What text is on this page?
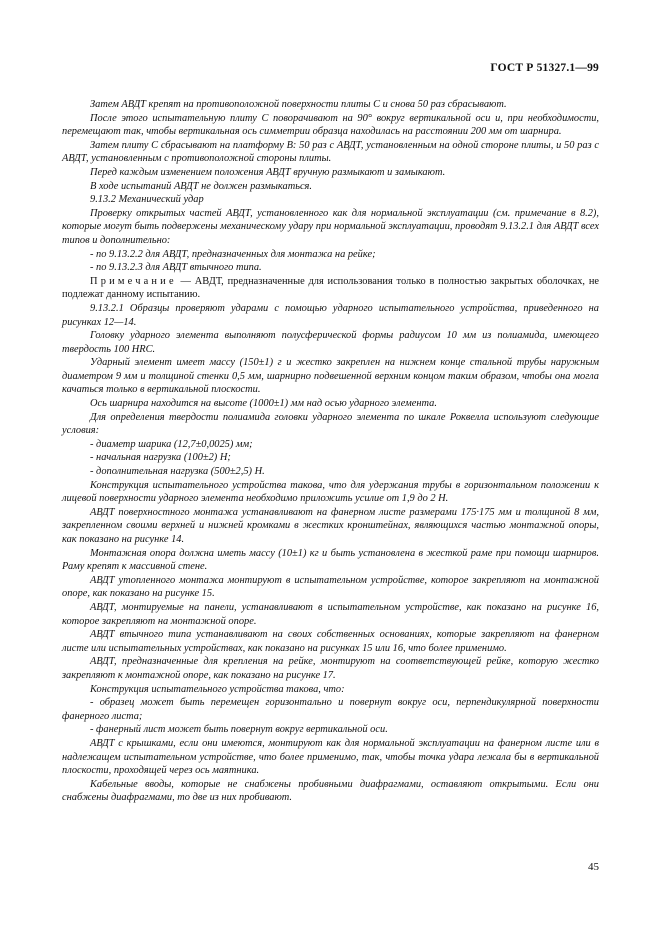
ГОСТ Р 51327.1—99

Затем АВДТ крепят на противоположной поверхности плиты С и снова 50 раз сбрасывают.

После этого испытательную плиту С поворачивают на 90° вокруг вертикальной оси и, при необходимости, перемещают так, чтобы вертикальная ось симметрии образца находилась на расстоянии 200 мм от шарнира.

Затем плиту С сбрасывают на платформу В: 50 раз с АВДТ, установленным на одной стороне плиты, и 50 раз с АВДТ, установленным с противоположной стороны плиты.

Перед каждым изменением положения АВДТ вручную размыкают и замыкают.

В ходе испытаний АВДТ не должен размыкаться.

9.13.2 Механический удар

Проверку открытых частей АВДТ, установленного как для нормальной эксплуатации (см. примечание в 8.2), которые могут быть подвержены механическому удару при нормальной эксплуатации, проводят 9.13.2.1 для АВДТ всех типов и дополнительно:

- по 9.13.2.2 для АВДТ, предназначенных для монтажа на рейке;

- по 9.13.2.3 для АВДТ втычного типа.

Примечание — АВДТ, предназначенные для использования только в полностью закрытых оболочках, не подлежат данному испытанию.

9.13.2.1 Образцы проверяют ударами с помощью ударного испытательного устройства, приведенного на рисунках 12—14.

Головку ударного элемента выполняют полусферической формы радиусом 10 мм из полиамида, имеющего твердость 100 HRC.

Ударный элемент имеет массу (150±1) г и жестко закреплен на нижнем конце стальной трубы наружным диаметром 9 мм и толщиной стенки 0,5 мм, шарнирно подвешенной верхним концом таким образом, чтобы она могла качаться только в вертикальной плоскости.

Ось шарнира находится на высоте (1000±1) мм над осью ударного элемента.

Для определения твердости полиамида головки ударного элемента по шкале Роквелла используют следующие условия:

- диаметр шарика (12,7±0,0025) мм;

- начальная нагрузка (100±2) Н;

- дополнительная нагрузка (500±2,5) Н.

Конструкция испытательного устройства такова, что для удержания трубы в горизонтальном положении к лицевой поверхности ударного элемента необходимо приложить усилие от 1,9 до 2 Н.

АВДТ поверхностного монтажа устанавливают на фанерном листе размерами 175·175 мм и толщиной 8 мм, закрепленном своими верхней и нижней кромками в жестких кронштейнах, являющихся частью монтажной опоры, как показано на рисунке 14.

Монтажная опора должна иметь массу (10±1) кг и быть установлена в жесткой раме при помощи шарниров. Раму крепят к массивной стене.

АВДТ утопленного монтажа монтируют в испытательном устройстве, которое закрепляют на монтажной опоре, как показано на рисунке 15.

АВДТ, монтируемые на панели, устанавливают в испытательном устройстве, как показано на рисунке 16, которое закрепляют на монтажной опоре.

АВДТ втычного типа устанавливают на своих собственных основаниях, которые закрепляют на фанерном листе или испытательных устройствах, как показано на рисунках 15 или 16, что более применимо.

АВДТ, предназначенные для крепления на рейке, монтируют на соответствующей рейке, которую жестко закрепляют к монтажной опоре, как показано на рисунке 17.

Конструкция испытательного устройства такова, что:

- образец может быть перемещен горизонтально и повернут вокруг оси, перпендикулярной поверхности фанерного листа;

- фанерный лист может быть повернут вокруг вертикальной оси.

АВДТ с крышками, если они имеются, монтируют как для нормальной эксплуатации на фанерном листе или в надлежащем испытательном устройстве, что более применимо, так, чтобы точка удара лежала бы в вертикальной плоскости, проходящей через ось маятника.

Кабельные вводы, которые не снабжены пробивными диафрагмами, оставляют открытыми. Если они снабжены диафрагмами, то две из них пробивают.

45
